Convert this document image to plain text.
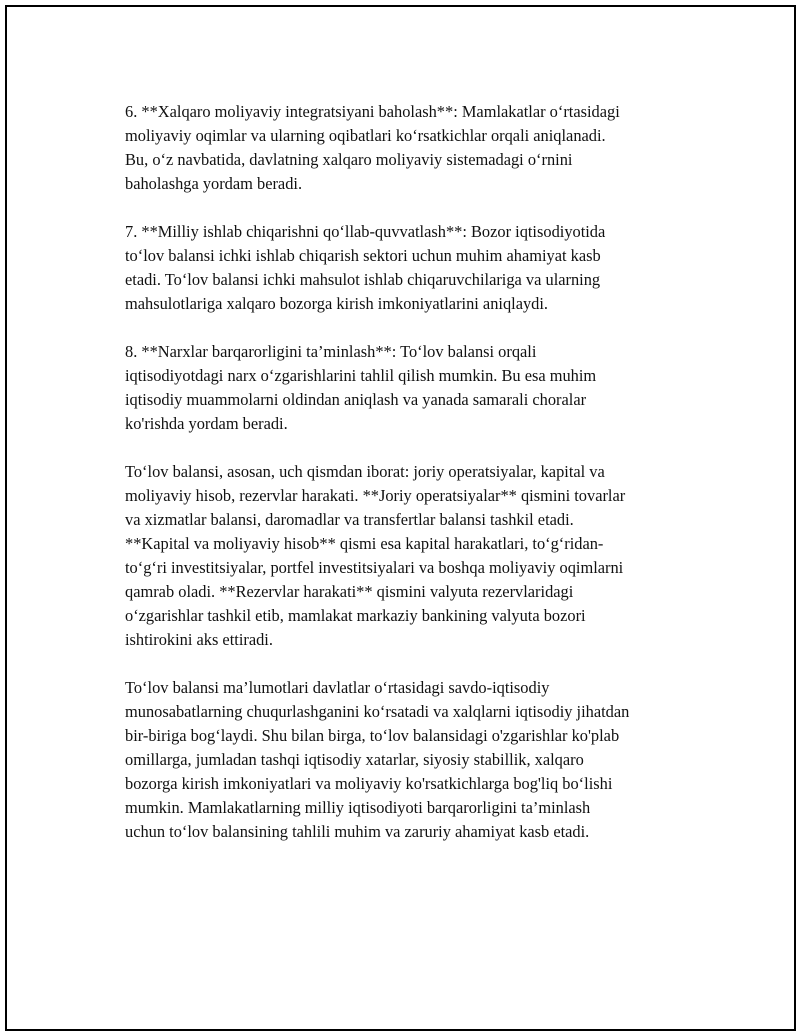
6. **Xalqaro moliyaviy integratsiyani baholash**: Mamlakatlar o‘rtasidagi
moliyaviy oqimlar va ularning oqibatlari ko‘rsatkichlar orqali aniqlanadi.
Bu, o‘z navbatida, davlatning xalqaro moliyaviy sistemadagi o‘rnini
baholashga yordam beradi.

7. **Milliy ishlab chiqarishni qo‘llab-quvvatlash**: Bozor iqtisodiyotida
to‘lov balansi ichki ishlab chiqarish sektori uchun muhim ahamiyat kasb
etadi. To‘lov balansi ichki mahsulot ishlab chiqaruvchilariga va ularning
mahsulotlariga xalqaro bozorga kirish imkoniyatlarini aniqlaydi.

8. **Narxlar barqarorligini ta’minlash**: To‘lov balansi orqali
iqtisodiyotdagi narx o‘zgarishlarini tahlil qilish mumkin. Bu esa muhim
iqtisodiy muammolarni oldindan aniqlash va yanada samarali choralar
ko'rishda yordam beradi.

To‘lov balansi, asosan, uch qismdan iborat: joriy operatsiyalar, kapital va
moliyaviy hisob, rezervlar harakati. **Joriy operatsiyalar** qismini tovarlar
va xizmatlar balansi, daromadlar va transfertlar balansi tashkil etadi.
**Kapital va moliyaviy hisob** qismi esa kapital harakatlari, to‘g‘ridan-
to‘g‘ri investitsiyalar, portfel investitsiyalari va boshqa moliyaviy oqimlarni
qamrab oladi. **Rezervlar harakati** qismini valyuta rezervlaridagi
o‘zgarishlar tashkil etib, mamlakat markaziy bankining valyuta bozori
ishtirokini aks ettiradi.

To‘lov balansi ma’lumotlari davlatlar o‘rtasidagi savdo-iqtisodiy
munosabatlarning chuqurlashganini ko‘rsatadi va xalqlarni iqtisodiy jihatdan
bir-biriga bog‘laydi. Shu bilan birga, to‘lov balansidagi o'zgarishlar ko'plab
omillarga, jumladan tashqi iqtisodiy xatarlar, siyosiy stabillik, xalqaro
bozorga kirish imkoniyatlari va moliyaviy ko'rsatkichlarga bog'liq bo‘lishi
mumkin. Mamlakatlarning milliy iqtisodiyoti barqarorligini ta’minlash
uchun to‘lov balansining tahlili muhim va zaruriy ahamiyat kasb etadi.
